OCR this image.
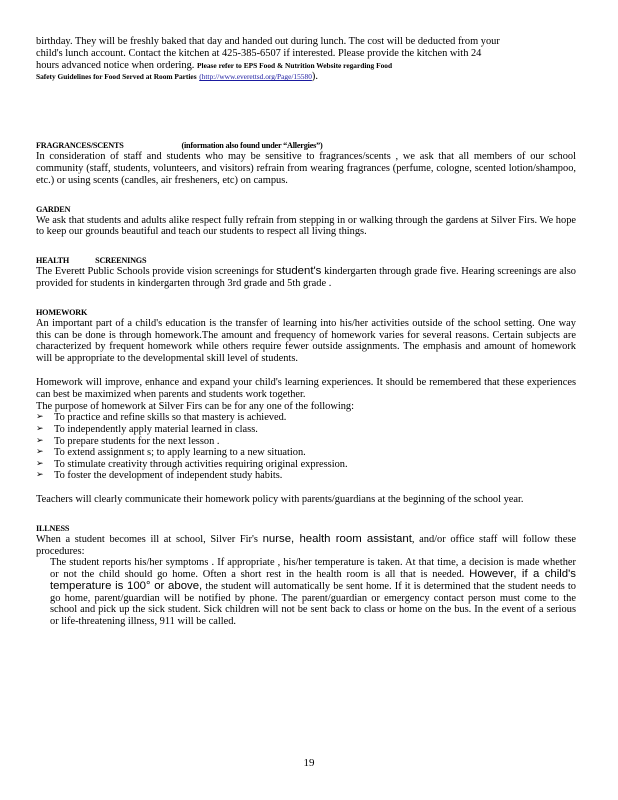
birthday. They will be freshly baked that day and handed out during lunch. The cost will be deducted from your

child's lunch account. Contact the kitchen at 425-385-6507 if interested. Please provide the kitchen with 24

hours advanced notice when ordering. Please refer to EPS Food & Nutrition Website regarding Food

Safety Guidelines for Food Served at Room Parties (http://www.everettsd.org/Page/15580).

FRAGRANCES/SCENTS	(information also found under “Allergies”)

In consideration of staff and students who may be sensitive to fragrances/scents , we ask that all members of our school community (staff, students, volunteers, and visitors) refrain from wearing fragrances (perfume, cologne, scented lotion/shampoo, etc.) or using scents (candles, air fresheners, etc) on campus.

GARDEN

We ask that students and adults alike respect fully refrain from stepping in or walking through the gardens at Silver Firs. We hope to keep our grounds beautiful and teach our students to respect all living things.

HEALTH	SCREENINGS

The Everett Public Schools provide vision screenings for student's kindergarten through grade five. Hearing screenings are also provided for students in kindergarten through 3rd grade and 5th grade .

HOMEWORK

An important part of a child's education is the transfer of learning into his/her activities outside of the school setting. One way this can be done is through homework.The amount and frequency of homework varies for several reasons. Certain subjects are characterized by frequent homework while others require fewer outside assignments. The emphasis and amount of homework will be appropriate to the developmental skill level of students.

Homework will improve, enhance and expand your child's learning experiences. It should be remembered that these experiences can best be maximized when parents and students work together.

The purpose of homework at Silver Firs can be for any one of the following:

➢ To practice and refine skills so that mastery is achieved.
➢ To independently apply material learned in class.
➢ To prepare students for the next lesson .
➢ To extend assignment s; to apply learning to a new situation.
➢ To stimulate creativity through activities requiring original expression.
➢ To foster the development of independent study habits.

Teachers will clearly communicate their homework policy with parents/guardians at the beginning of the school year.

ILLNESS

When a student becomes ill at school, Silver Fir's nurse, health room assistant, and/or office staff will follow these procedures:

The student reports his/her symptoms . If appropriate , his/her temperature is taken. At that time, a decision is made whether or not the child should go home. Often a short rest in the health room is all that is needed. However, if a child's temperature is 100° or above, the student will automatically be sent home. If it is determined that the student needs to go home, parent/guardian will be notified by phone. The parent/guardian or emergency contact person must come to the school and pick up the sick student. Sick children will not be sent back to class or home on the bus. In the event of a serious or life-threatening illness, 911 will be called.

19
